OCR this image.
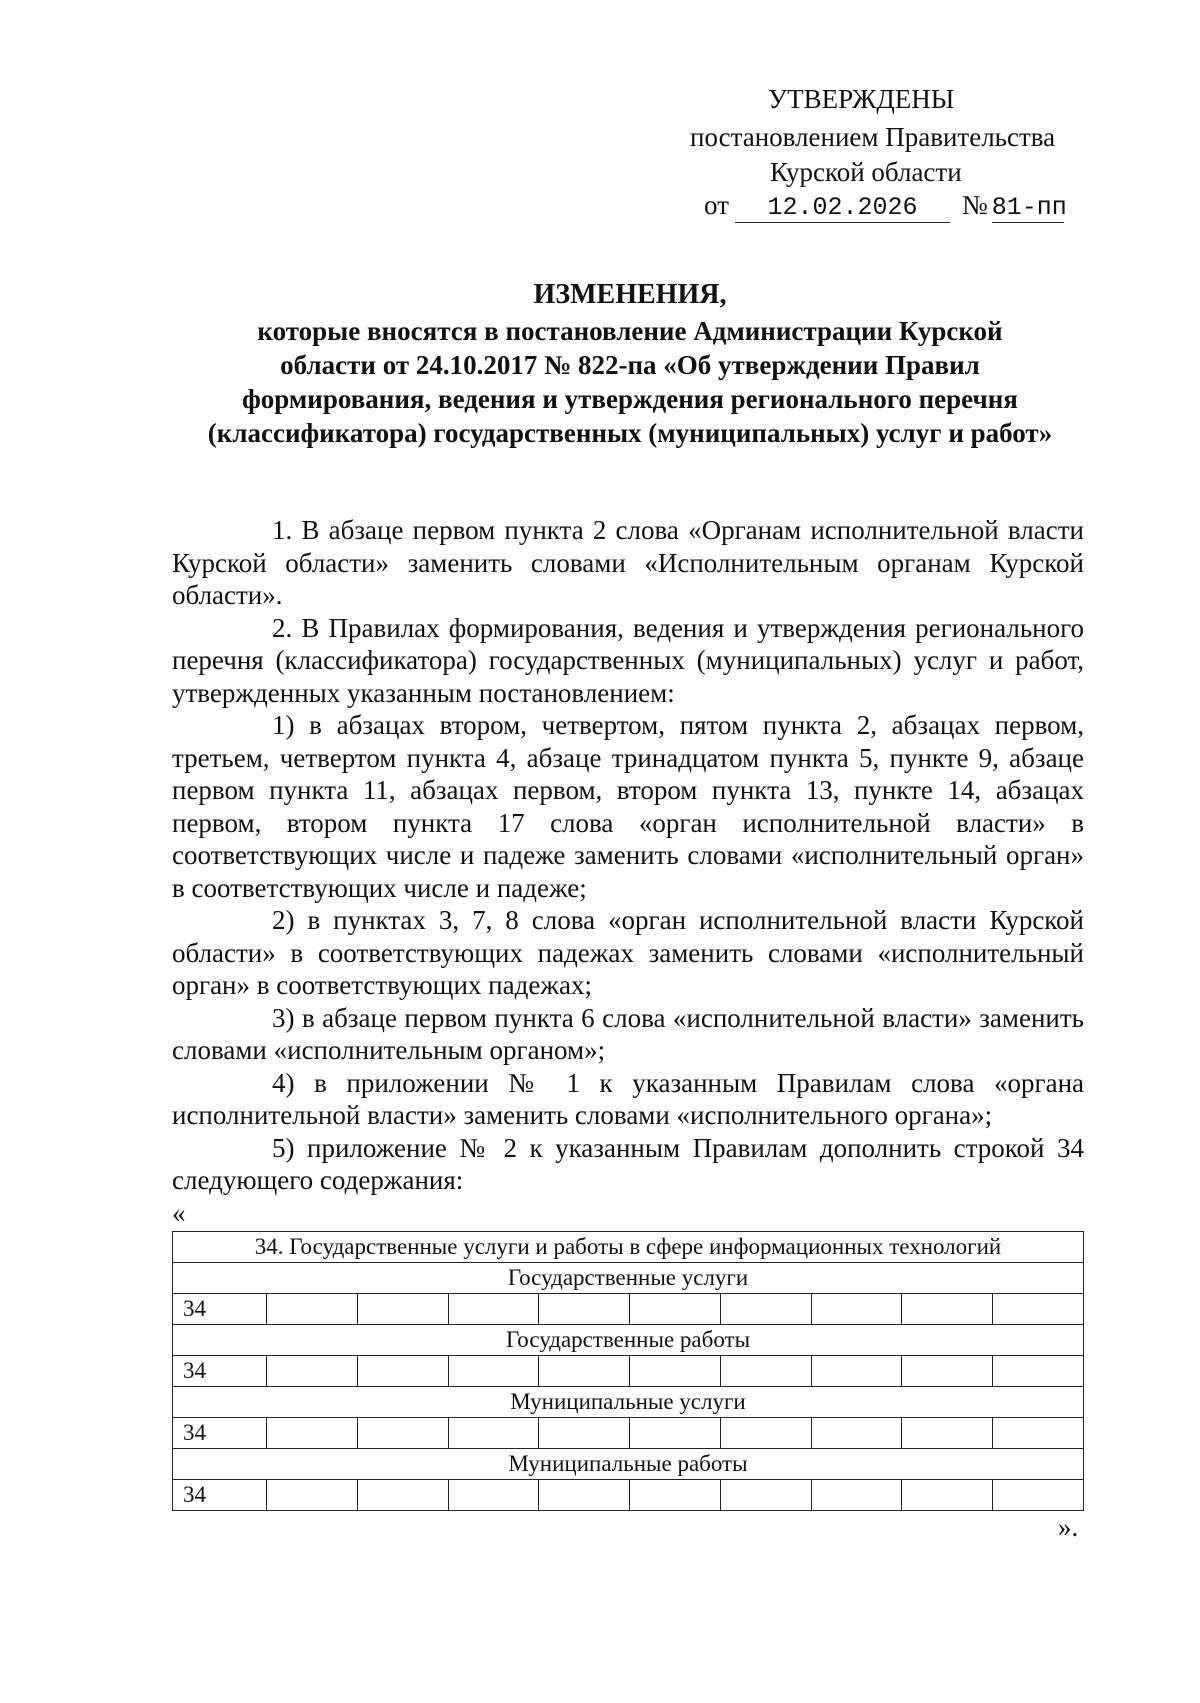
УТВЕРЖДЕНЫ
постановлением Правительства
Курской области
от 12.02.2026 № 81-пп
ИЗМЕНЕНИЯ,
которые вносятся в постановление Администрации Курской
области от 24.10.2017 № 822-па «Об утверждении Правил
формирования, ведения и утверждения регионального перечня
(классификатора) государственных (муниципальных) услуг и работ»

1. В абзаце первом пункта 2 слова «Органам исполнительной власти Курской области» заменить словами «Исполнительным органам Курской области».

2. В Правилах формирования, ведения и утверждения регионального перечня (классификатора) государственных (муниципальных) услуг и работ, утвержденных указанным постановлением:

1) в абзацах втором, четвертом, пятом пункта 2, абзацах первом, третьем, четвертом пункта 4, абзаце тринадцатом пункта 5, пункте 9, абзаце первом пункта 11, абзацах первом, втором пункта 13, пункте 14, абзацах первом, втором пункта 17 слова «орган исполнительной власти» в соответствующих числе и падеже заменить словами «исполнительный орган» в соответствующих числе и падеже;

2) в пунктах 3, 7, 8 слова «орган исполнительной власти Курской области» в соответствующих падежах заменить словами «исполнительный орган» в соответствующих падежах;

3) в абзаце первом пункта 6 слова «исполнительной власти» заменить словами «исполнительным органом»;

4) в приложении № 1 к указанным Правилам слова «органа исполнительной власти» заменить словами «исполнительного органа»;

5) приложение № 2 к указанным Правилам дополнить строкой 34 следующего содержания:

«
34. Государственные услуги и работы в сфере информационных технологий									
Государственные услуги									
34									
Государственные работы									
34									
Муниципальные услуги									
34									
Муниципальные работы									
34									
».
